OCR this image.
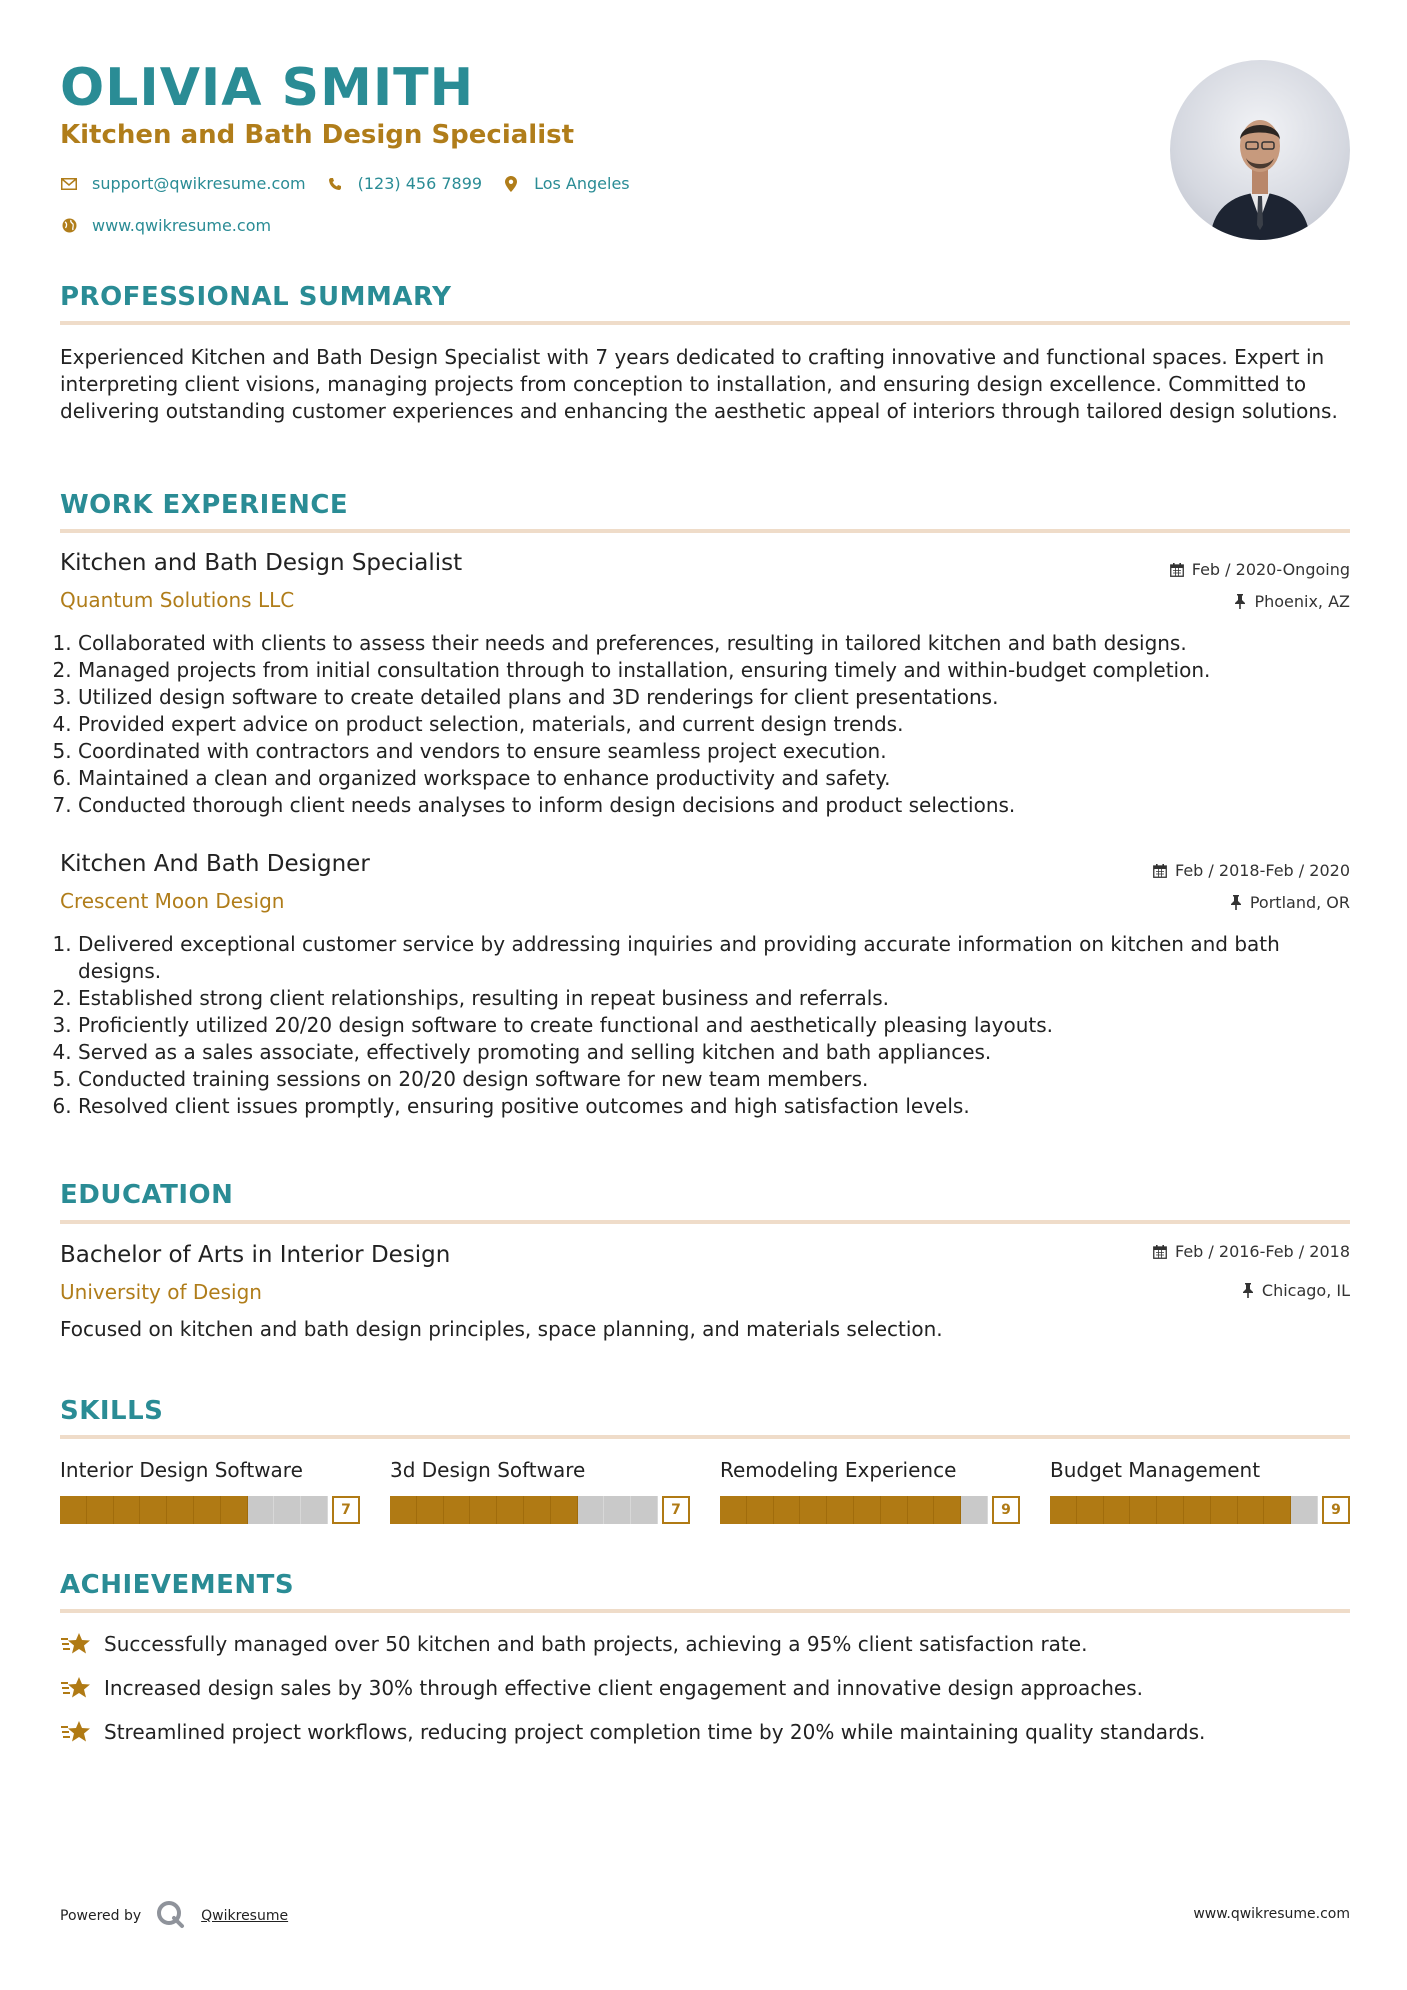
OLIVIA SMITH
Kitchen and Bath Design Specialist
support@qwikresume.com	(123) 456 7899	Los Angeles
www.qwikresume.com
PROFESSIONAL SUMMARY

Experienced Kitchen and Bath Design Specialist with 7 years dedicated to crafting innovative and functional spaces. Expert in interpreting client visions, managing projects from conception to installation, and ensuring design excellence. Committed to delivering outstanding customer experiences and enhancing the aesthetic appeal of interiors through tailored design solutions.

WORK EXPERIENCE
Kitchen and Bath Design Specialist	Feb / 2020-Ongoing
Quantum Solutions LLC	Phoenix, AZ
1. Collaborated with clients to assess their needs and preferences, resulting in tailored kitchen and bath designs.
2. Managed projects from initial consultation through to installation, ensuring timely and within-budget completion.
3. Utilized design software to create detailed plans and 3D renderings for client presentations.
4. Provided expert advice on product selection, materials, and current design trends.
5. Coordinated with contractors and vendors to ensure seamless project execution.
6. Maintained a clean and organized workspace to enhance productivity and safety.
7. Conducted thorough client needs analyses to inform design decisions and product selections.
Kitchen And Bath Designer	Feb / 2018-Feb / 2020
Crescent Moon Design	Portland, OR
1. Delivered exceptional customer service by addressing inquiries and providing accurate information on kitchen and bath designs.
2. Established strong client relationships, resulting in repeat business and referrals.
3. Proficiently utilized 20/20 design software to create functional and aesthetically pleasing layouts.
4. Served as a sales associate, effectively promoting and selling kitchen and bath appliances.
5. Conducted training sessions on 20/20 design software for new team members.
6. Resolved client issues promptly, ensuring positive outcomes and high satisfaction levels.
EDUCATION
Bachelor of Arts in Interior Design	Feb / 2016-Feb / 2018
University of Design	Chicago, IL
Focused on kitchen and bath design principles, space planning, and materials selection.
SKILLS
Interior Design Software
7
3d Design Software
7
Remodeling Experience
9
Budget Management
9
ACHIEVEMENTS
Successfully managed over 50 kitchen and bath projects, achieving a 95% client satisfaction rate.
Increased design sales by 30% through effective client engagement and innovative design approaches.
Streamlined project workflows, reducing project completion time by 20% while maintaining quality standards.
Powered by	Qwikresume	www.qwikresume.com
